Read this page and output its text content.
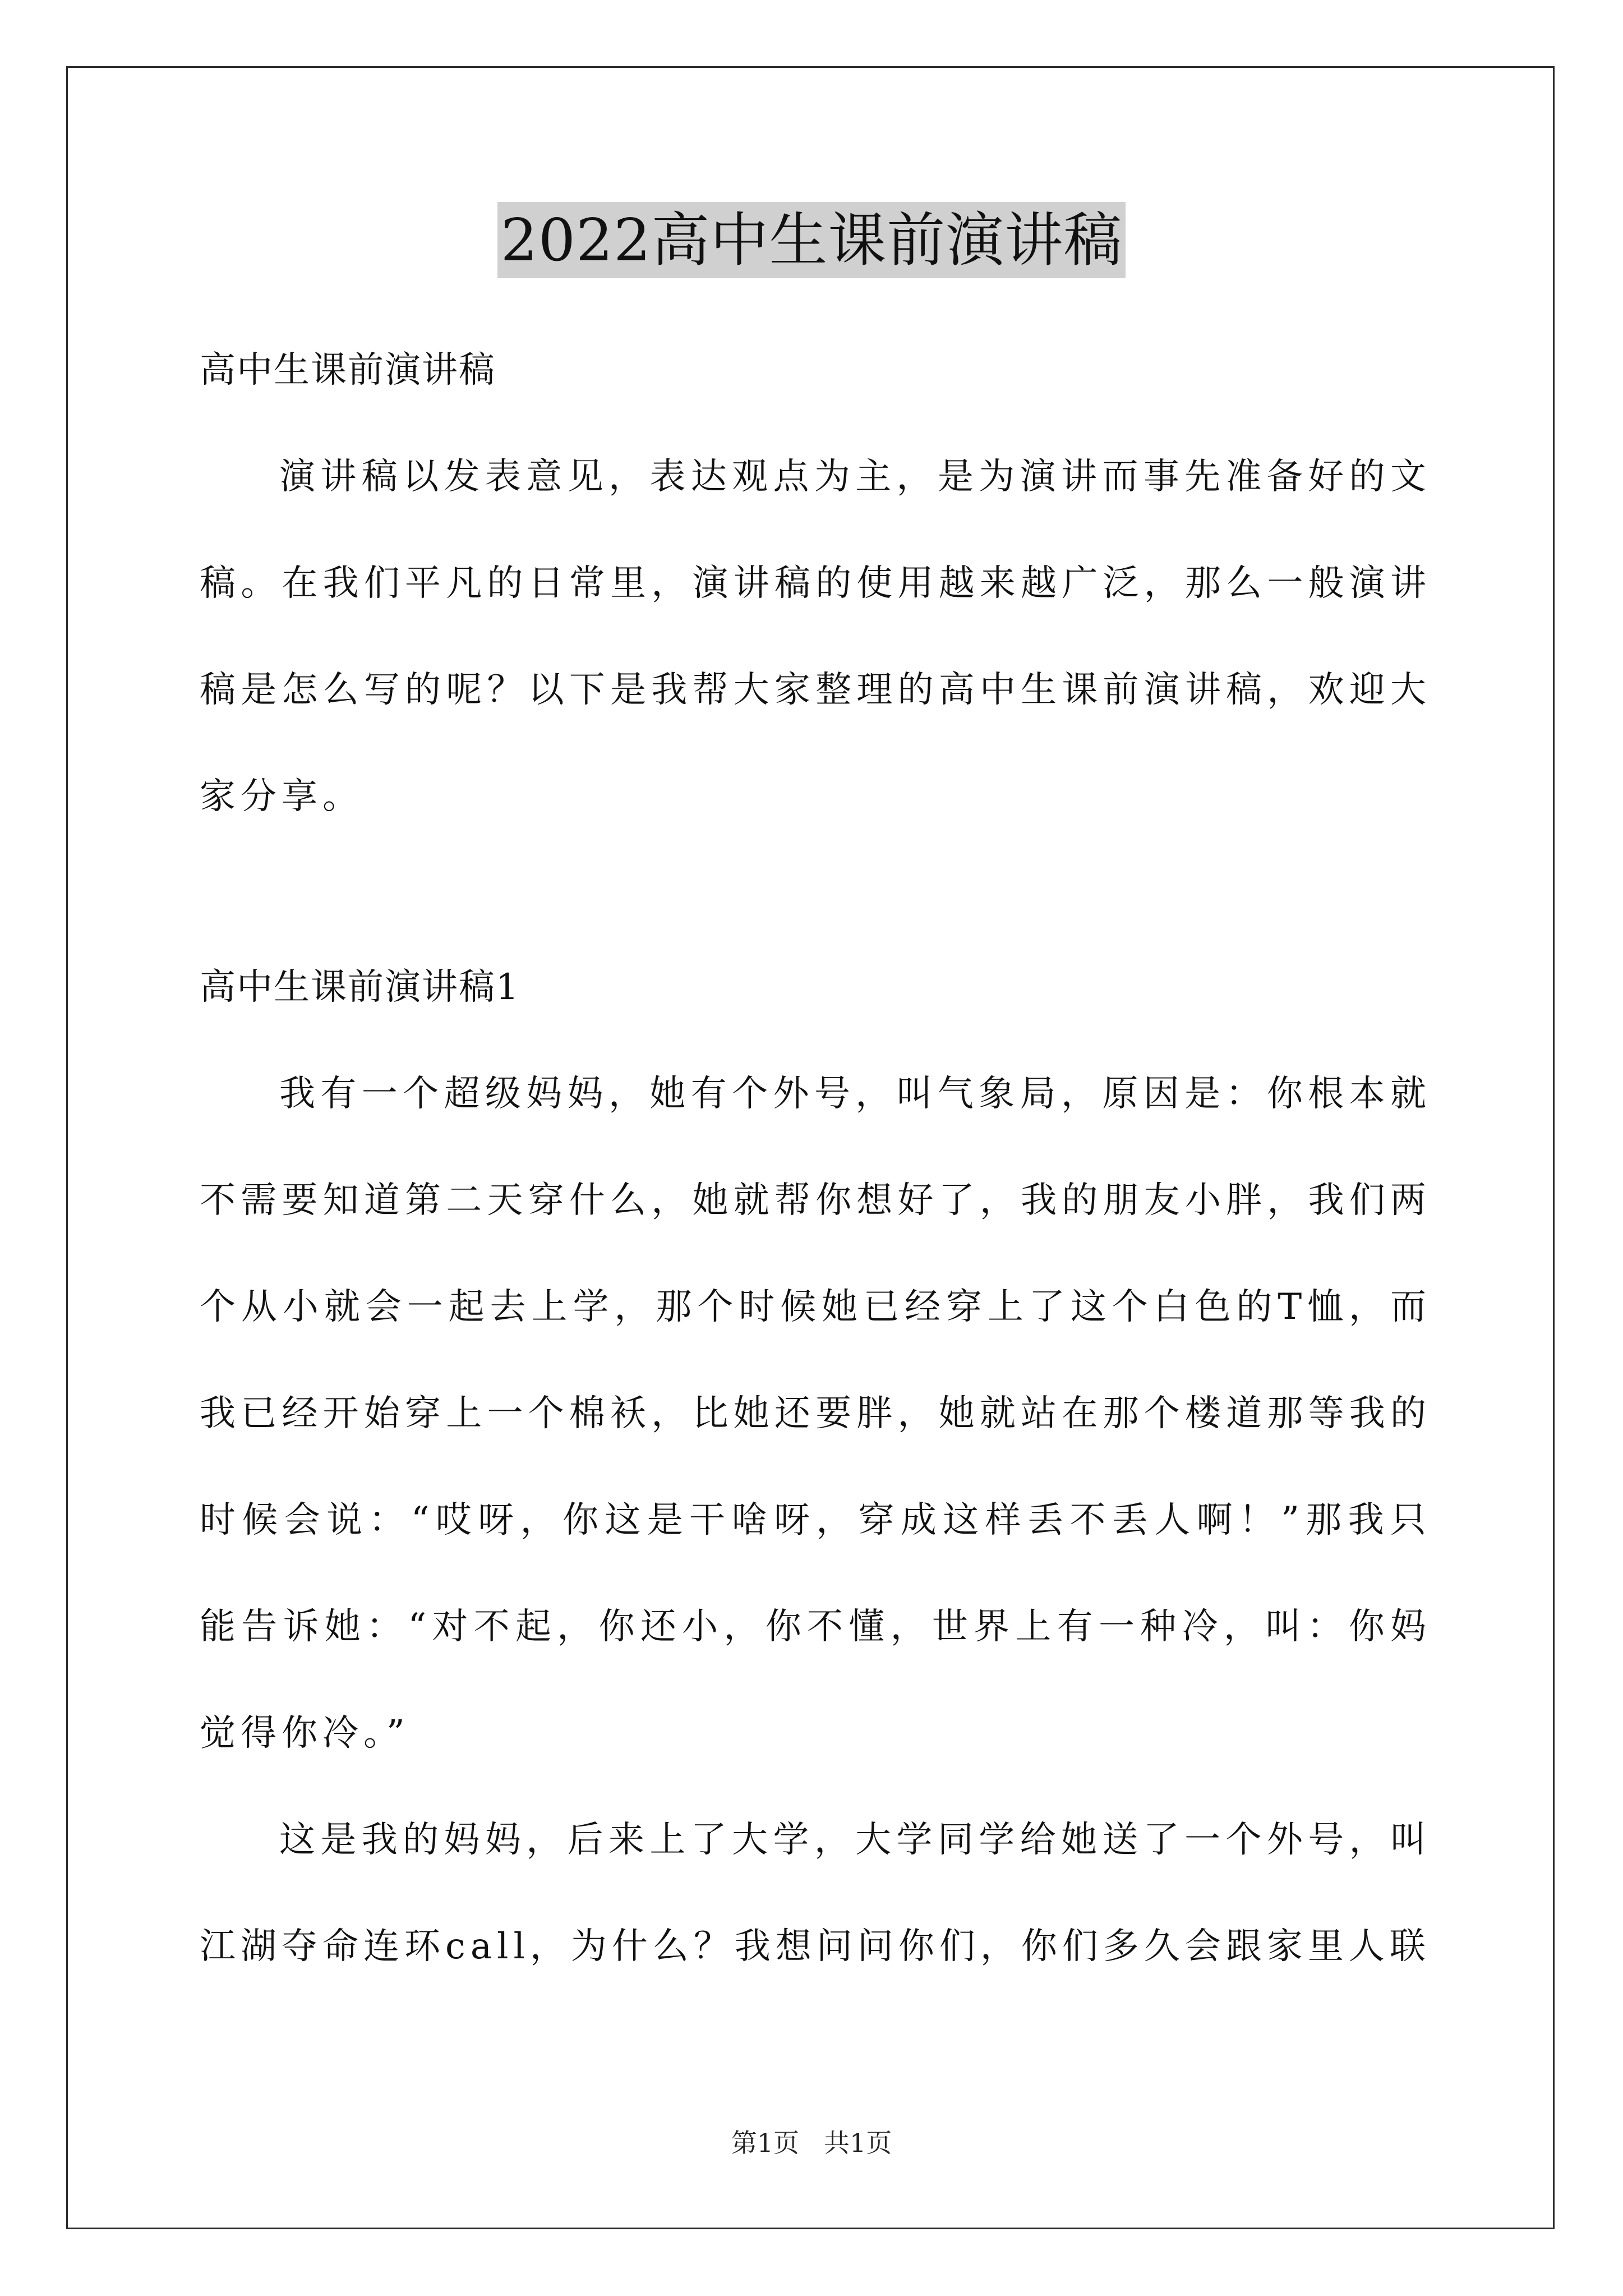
2022高中生课前演讲稿
高中生课前演讲稿

演讲稿以发表意见，表达观点为主，是为演讲而事先准备好的文稿。在我们平凡的日常里，演讲稿的使用越来越广泛，那么一般演讲稿是怎么写的呢？以下是我帮大家整理的高中生课前演讲稿，欢迎大家分享。

高中生课前演讲稿1

我有一个超级妈妈，她有个外号，叫气象局，原因是：你根本就不需要知道第二天穿什么，她就帮你想好了，我的朋友小胖，我们两个从小就会一起去上学，那个时候她已经穿上了这个白色的T恤，而我已经开始穿上一个棉袄，比她还要胖，她就站在那个楼道那等我的时候会说：“哎呀，你这是干啥呀，穿成这样丢不丢人啊！”那我只能告诉她：“对不起，你还小，你不懂，世界上有一种冷，叫：你妈觉得你冷。”

这是我的妈妈，后来上了大学，大学同学给她送了一个外号，叫江湖夺命连环call，为什么？我想问问你们，你们多久会跟家里人联

第1页 共1页
